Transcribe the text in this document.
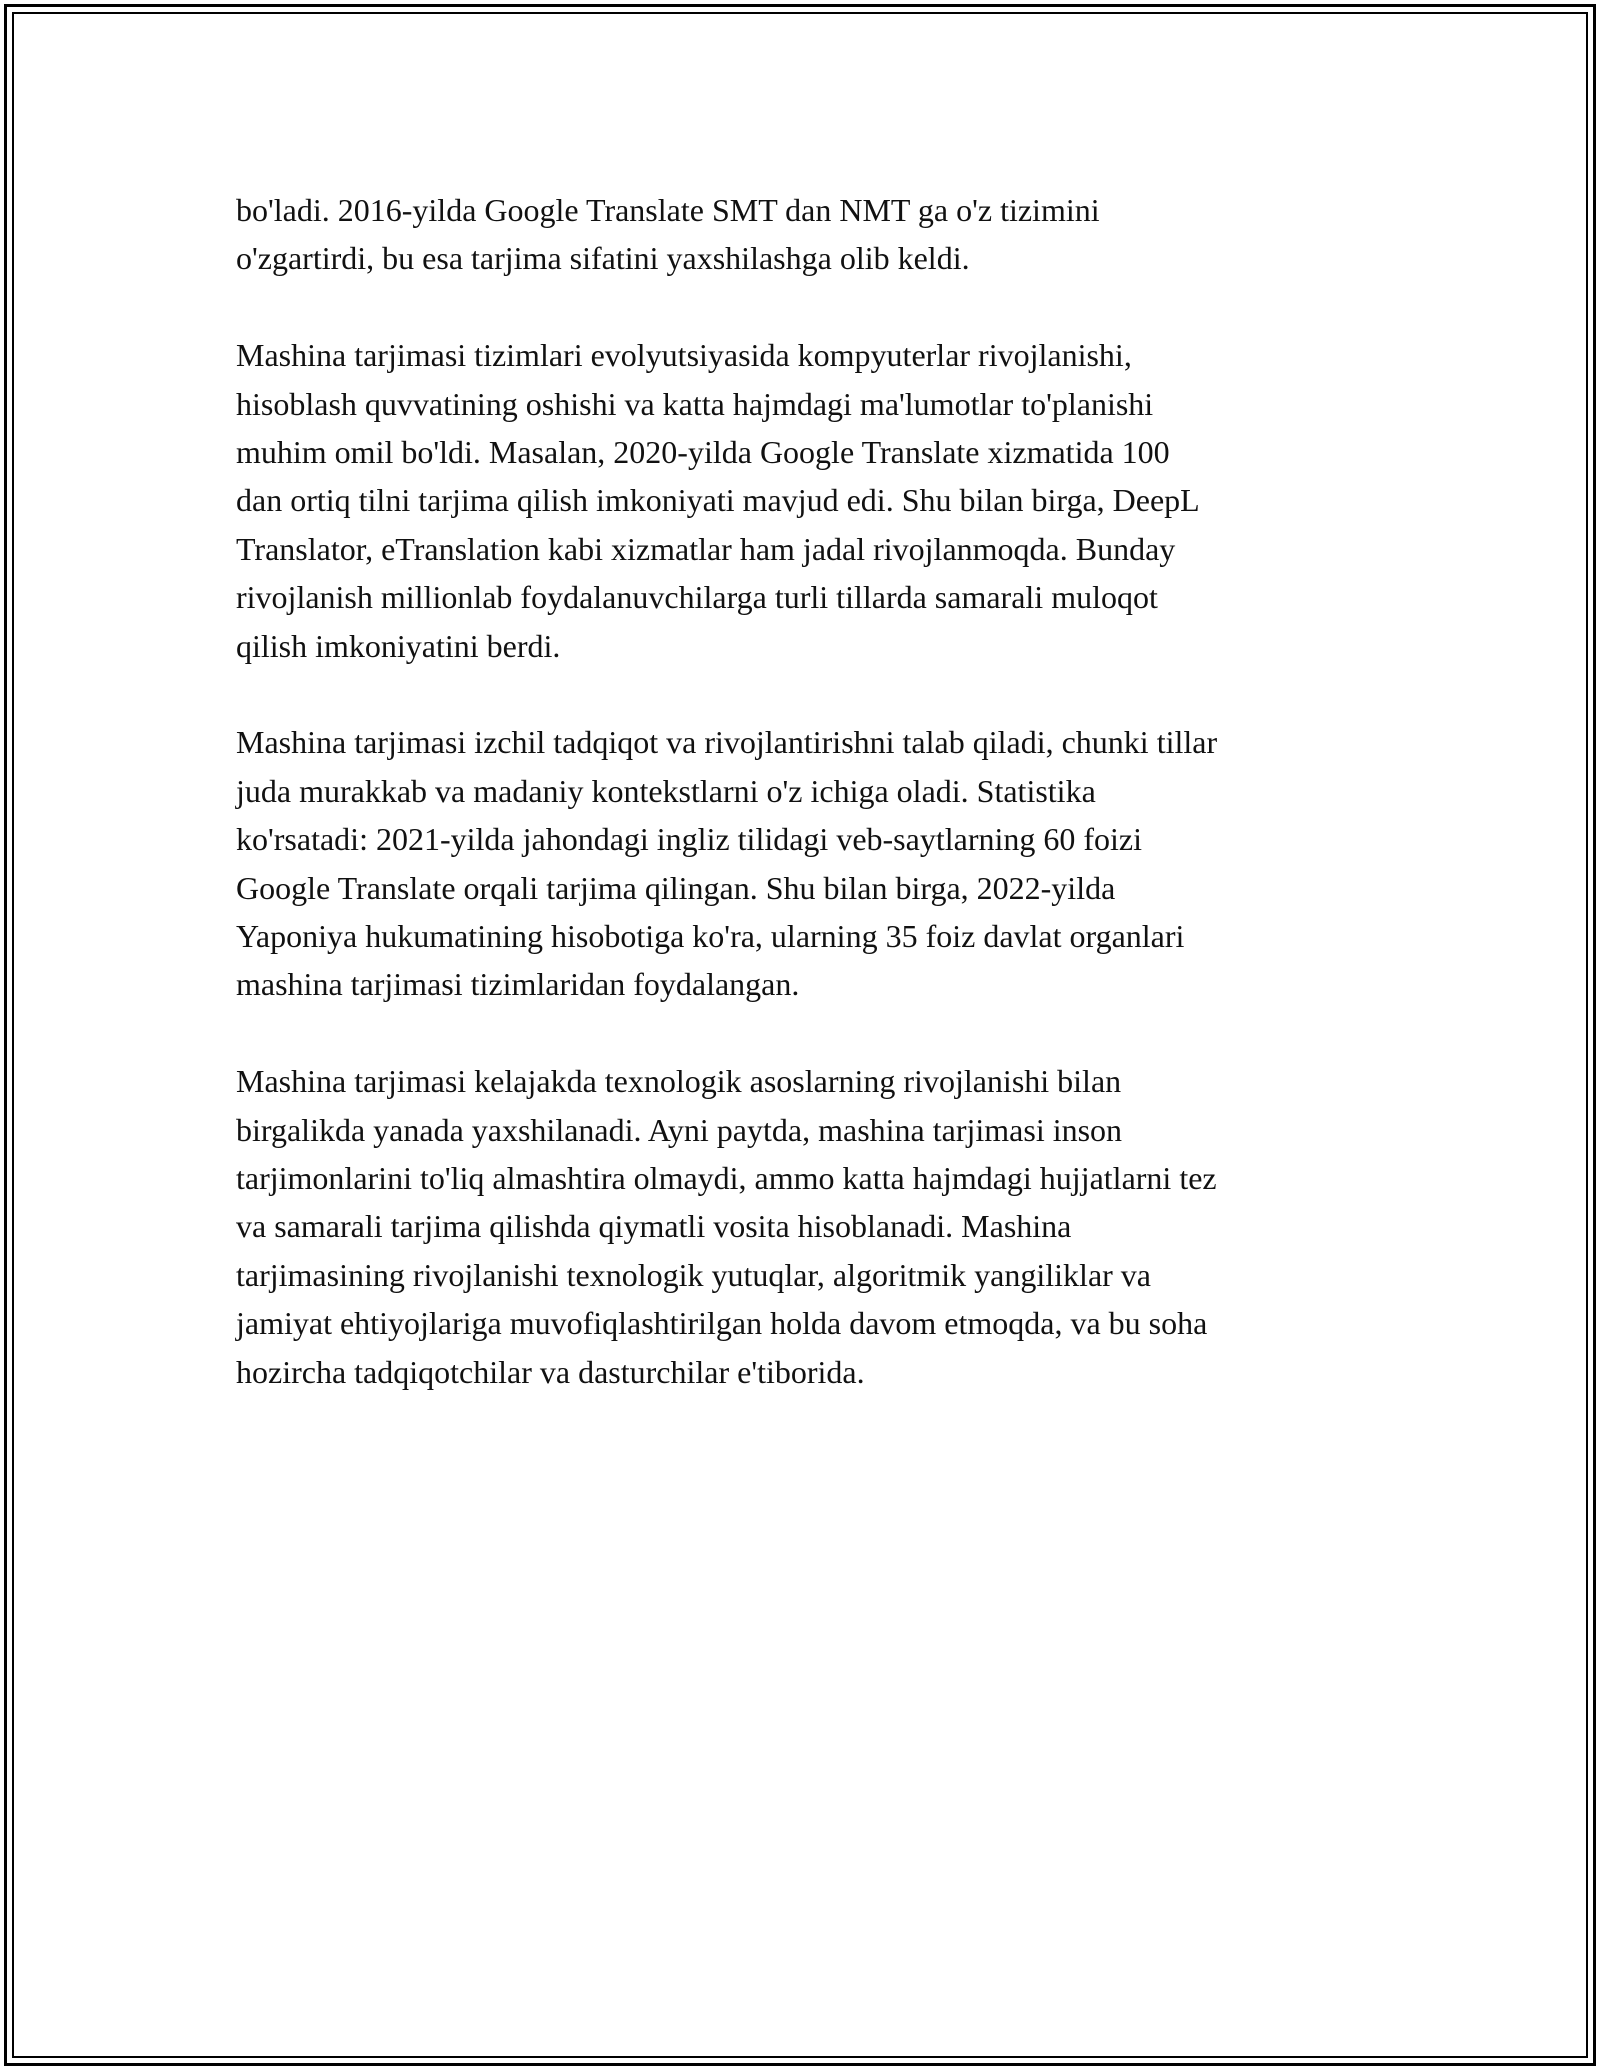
bo'ladi. 2016-yilda Google Translate SMT dan NMT ga o'z tizimini
o'zgartirdi, bu esa tarjima sifatini yaxshilashga olib keldi.

Mashina tarjimasi tizimlari evolyutsiyasida kompyuterlar rivojlanishi,
hisoblash quvvatining oshishi va katta hajmdagi ma'lumotlar to'planishi
muhim omil bo'ldi. Masalan, 2020-yilda Google Translate xizmatida 100
dan ortiq tilni tarjima qilish imkoniyati mavjud edi. Shu bilan birga, DeepL
Translator, eTranslation kabi xizmatlar ham jadal rivojlanmoqda. Bunday
rivojlanish millionlab foydalanuvchilarga turli tillarda samarali muloqot
qilish imkoniyatini berdi.

Mashina tarjimasi izchil tadqiqot va rivojlantirishni talab qiladi, chunki tillar
juda murakkab va madaniy kontekstlarni o'z ichiga oladi. Statistika
ko'rsatadi: 2021-yilda jahondagi ingliz tilidagi veb-saytlarning 60 foizi
Google Translate orqali tarjima qilingan. Shu bilan birga, 2022-yilda
Yaponiya hukumatining hisobotiga ko'ra, ularning 35 foiz davlat organlari
mashina tarjimasi tizimlaridan foydalangan.

Mashina tarjimasi kelajakda texnologik asoslarning rivojlanishi bilan
birgalikda yanada yaxshilanadi. Ayni paytda, mashina tarjimasi inson
tarjimonlarini to'liq almashtira olmaydi, ammo katta hajmdagi hujjatlarni tez
va samarali tarjima qilishda qiymatli vosita hisoblanadi. Mashina
tarjimasining rivojlanishi texnologik yutuqlar, algoritmik yangiliklar va
jamiyat ehtiyojlariga muvofiqlashtirilgan holda davom etmoqda, va bu soha
hozircha tadqiqotchilar va dasturchilar e'tiborida.
